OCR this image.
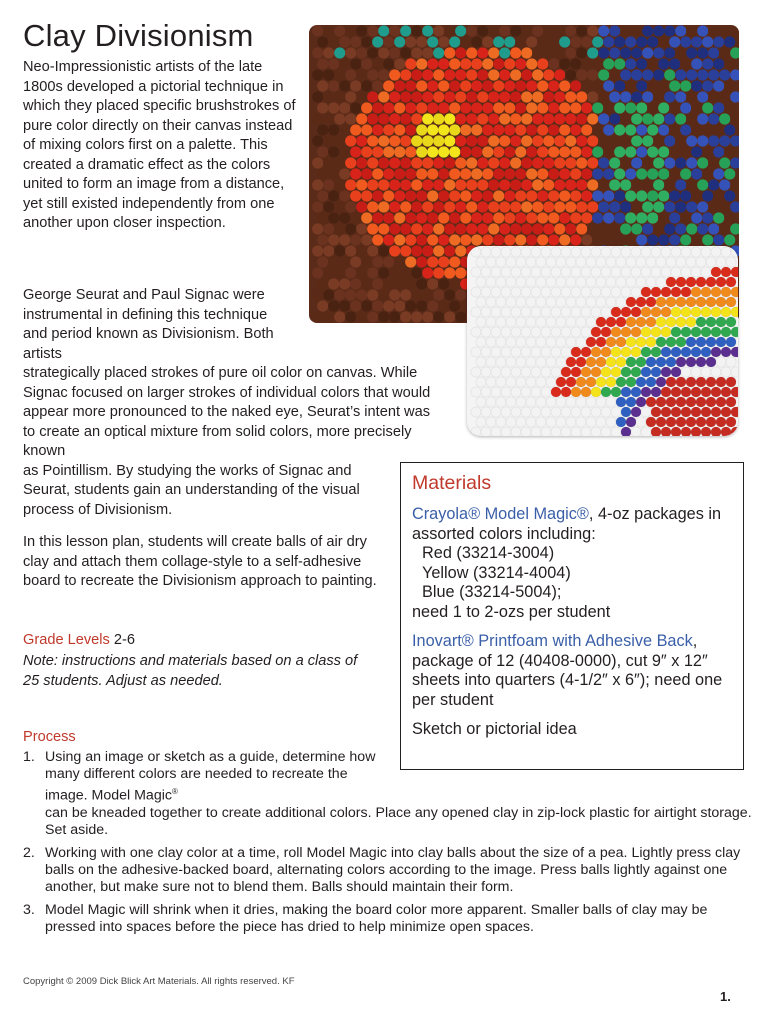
Clay Divisionism

Neo-Impressionistic artists of the late 1800s developed a pictorial technique in which they placed specific brushstrokes of pure color directly on their canvas instead of mixing colors first on a palette. This created a dramatic effect as the colors united to form an image from a distance, yet still existed independently from one another upon closer inspection.

George Seurat and Paul Signac were instrumental in defining this technique and period known as Divisionism. Both artists

strategically placed strokes of pure oil color on canvas. While Signac focused on larger strokes of individual colors that would appear more pronounced to the naked eye, Seurat’s intent was to create an optical mixture from solid colors, more precisely known
as Pointillism. By studying the works of Signac and Seurat, students gain an understanding of the visual process of Divisionism.

In this lesson plan, students will create balls of air dry clay and attach them collage-style to a self-adhesive board to recreate the Divisionism approach to painting.

Grade Levels 2-6

Note: instructions and materials based on a class of 25 students. Adjust as needed.

Process
1. Using an image or sketch as a guide, determine how many different colors are needed to recreate the image. Model Magic®
can be kneaded together to create additional colors. Place any opened clay in zip-lock plastic for airtight storage. Set aside.
2. Working with one clay color at a time, roll Model Magic into clay balls about the size of a pea. Lightly press clay balls on the adhesive-backed board, alternating colors according to the image. Press balls lightly against one another, but make sure not to blend them. Balls should maintain their form.
3. Model Magic will shrink when it dries, making the board color more apparent. Smaller balls of clay may be pressed into spaces before the piece has dried to help minimize open spaces.

Materials

Crayola® Model Magic®, 4-oz packages in assorted colors including:
Red (33214-3004)
Yellow (33214-4004)
Blue (33214-5004);
need 1 to 2-ozs per student

Inovart® Printfoam with Adhesive Back, package of 12 (40408-0000), cut 9″ x 12″ sheets into quarters (4-1/2″ x 6″); need one per student

Sketch or pictorial idea

Copyright © 2009 Dick Blick Art Materials. All rights reserved. KF

1.
